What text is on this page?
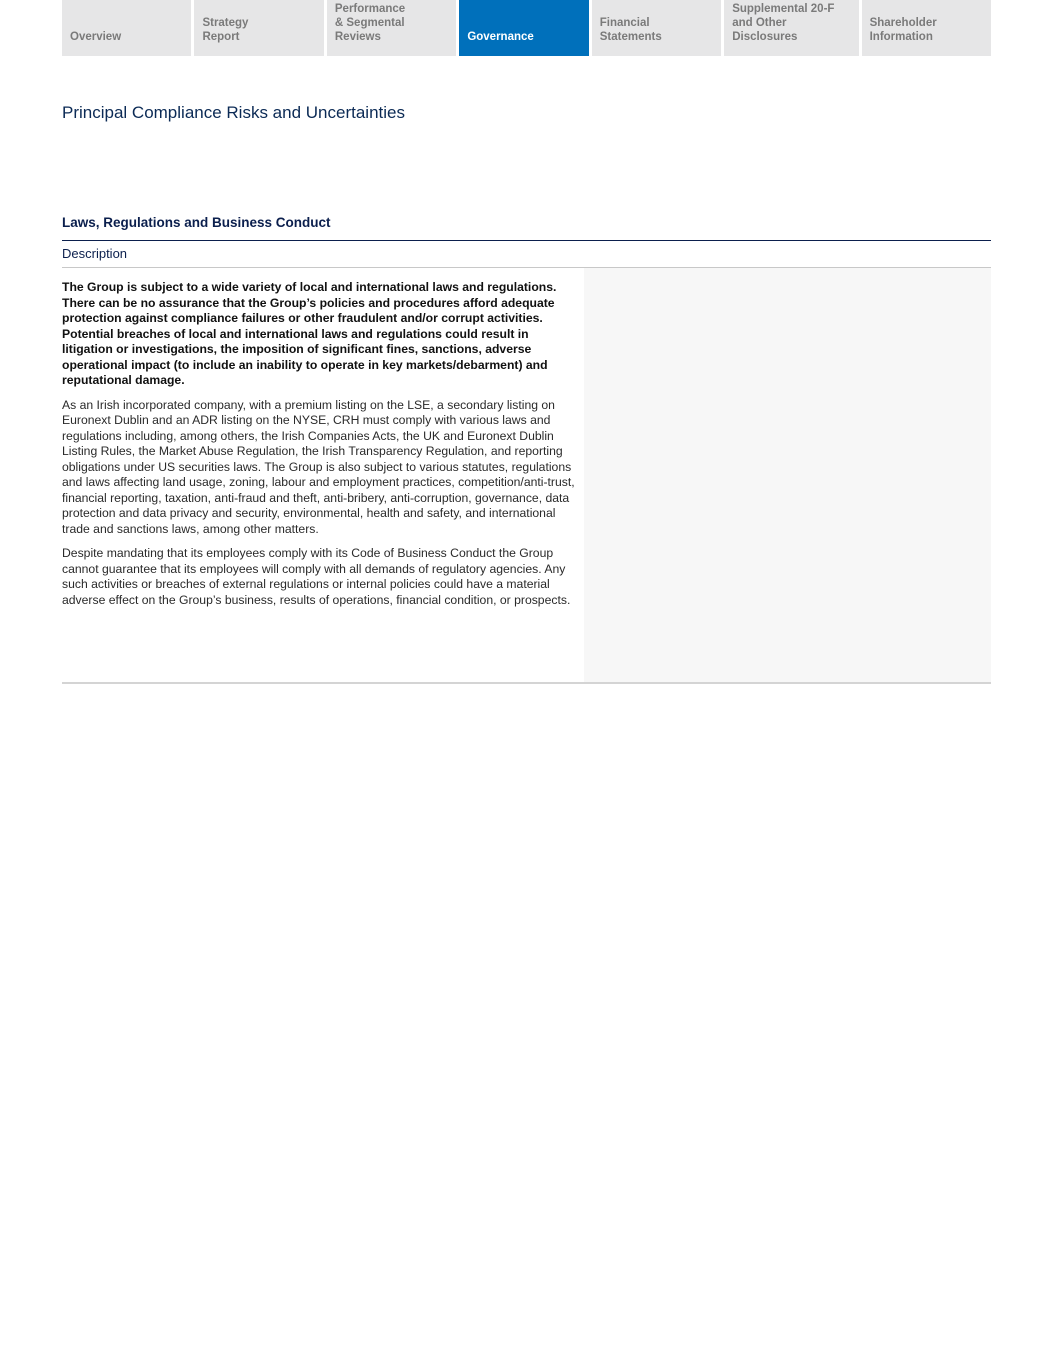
Overview
Strategy
Report
Performance
& Segmental Reviews	Governance
Financial
Statements
Supplemental 20-F
and Other Disclosures
Shareholder
Information
Principal Compliance Risks and Uncertainties
Laws, Regulations and Business Conduct
Description

The Group is subject to a wide variety of local and international laws and regulations. There can be no assurance that the Group’s policies and procedures afford adequate protection against compliance failures or other fraudulent and/or corrupt activities. Potential breaches of local and international laws and regulations could result in litigation or investigations, the imposition of significant fines, sanctions, adverse operational impact (to include an inability to operate in key markets/debarment) and reputational damage.

As an Irish incorporated company, with a premium listing on the LSE, a secondary listing on Euronext Dublin and an ADR listing on the NYSE, CRH must comply with various laws and regulations including, among others, the Irish Companies Acts, the UK and Euronext Dublin Listing Rules, the Market Abuse Regulation, the Irish Transparency Regulation, and reporting obligations under US securities laws. The Group is also subject to various statutes, regulations and laws affecting land usage, zoning, labour and employment practices, competition/anti-trust, financial reporting, taxation, anti-fraud and theft, anti-bribery, anti-corruption, governance, data protection and data privacy and security, environmental, health and safety, and international trade and sanctions laws, among other matters.

Despite mandating that its employees comply with its Code of Business Conduct the Group cannot guarantee that its employees will comply with all demands of regulatory agencies. Any such activities or breaches of external regulations or internal policies could have a material adverse effect on the Group’s business, results of operations, financial condition, or prospects.
